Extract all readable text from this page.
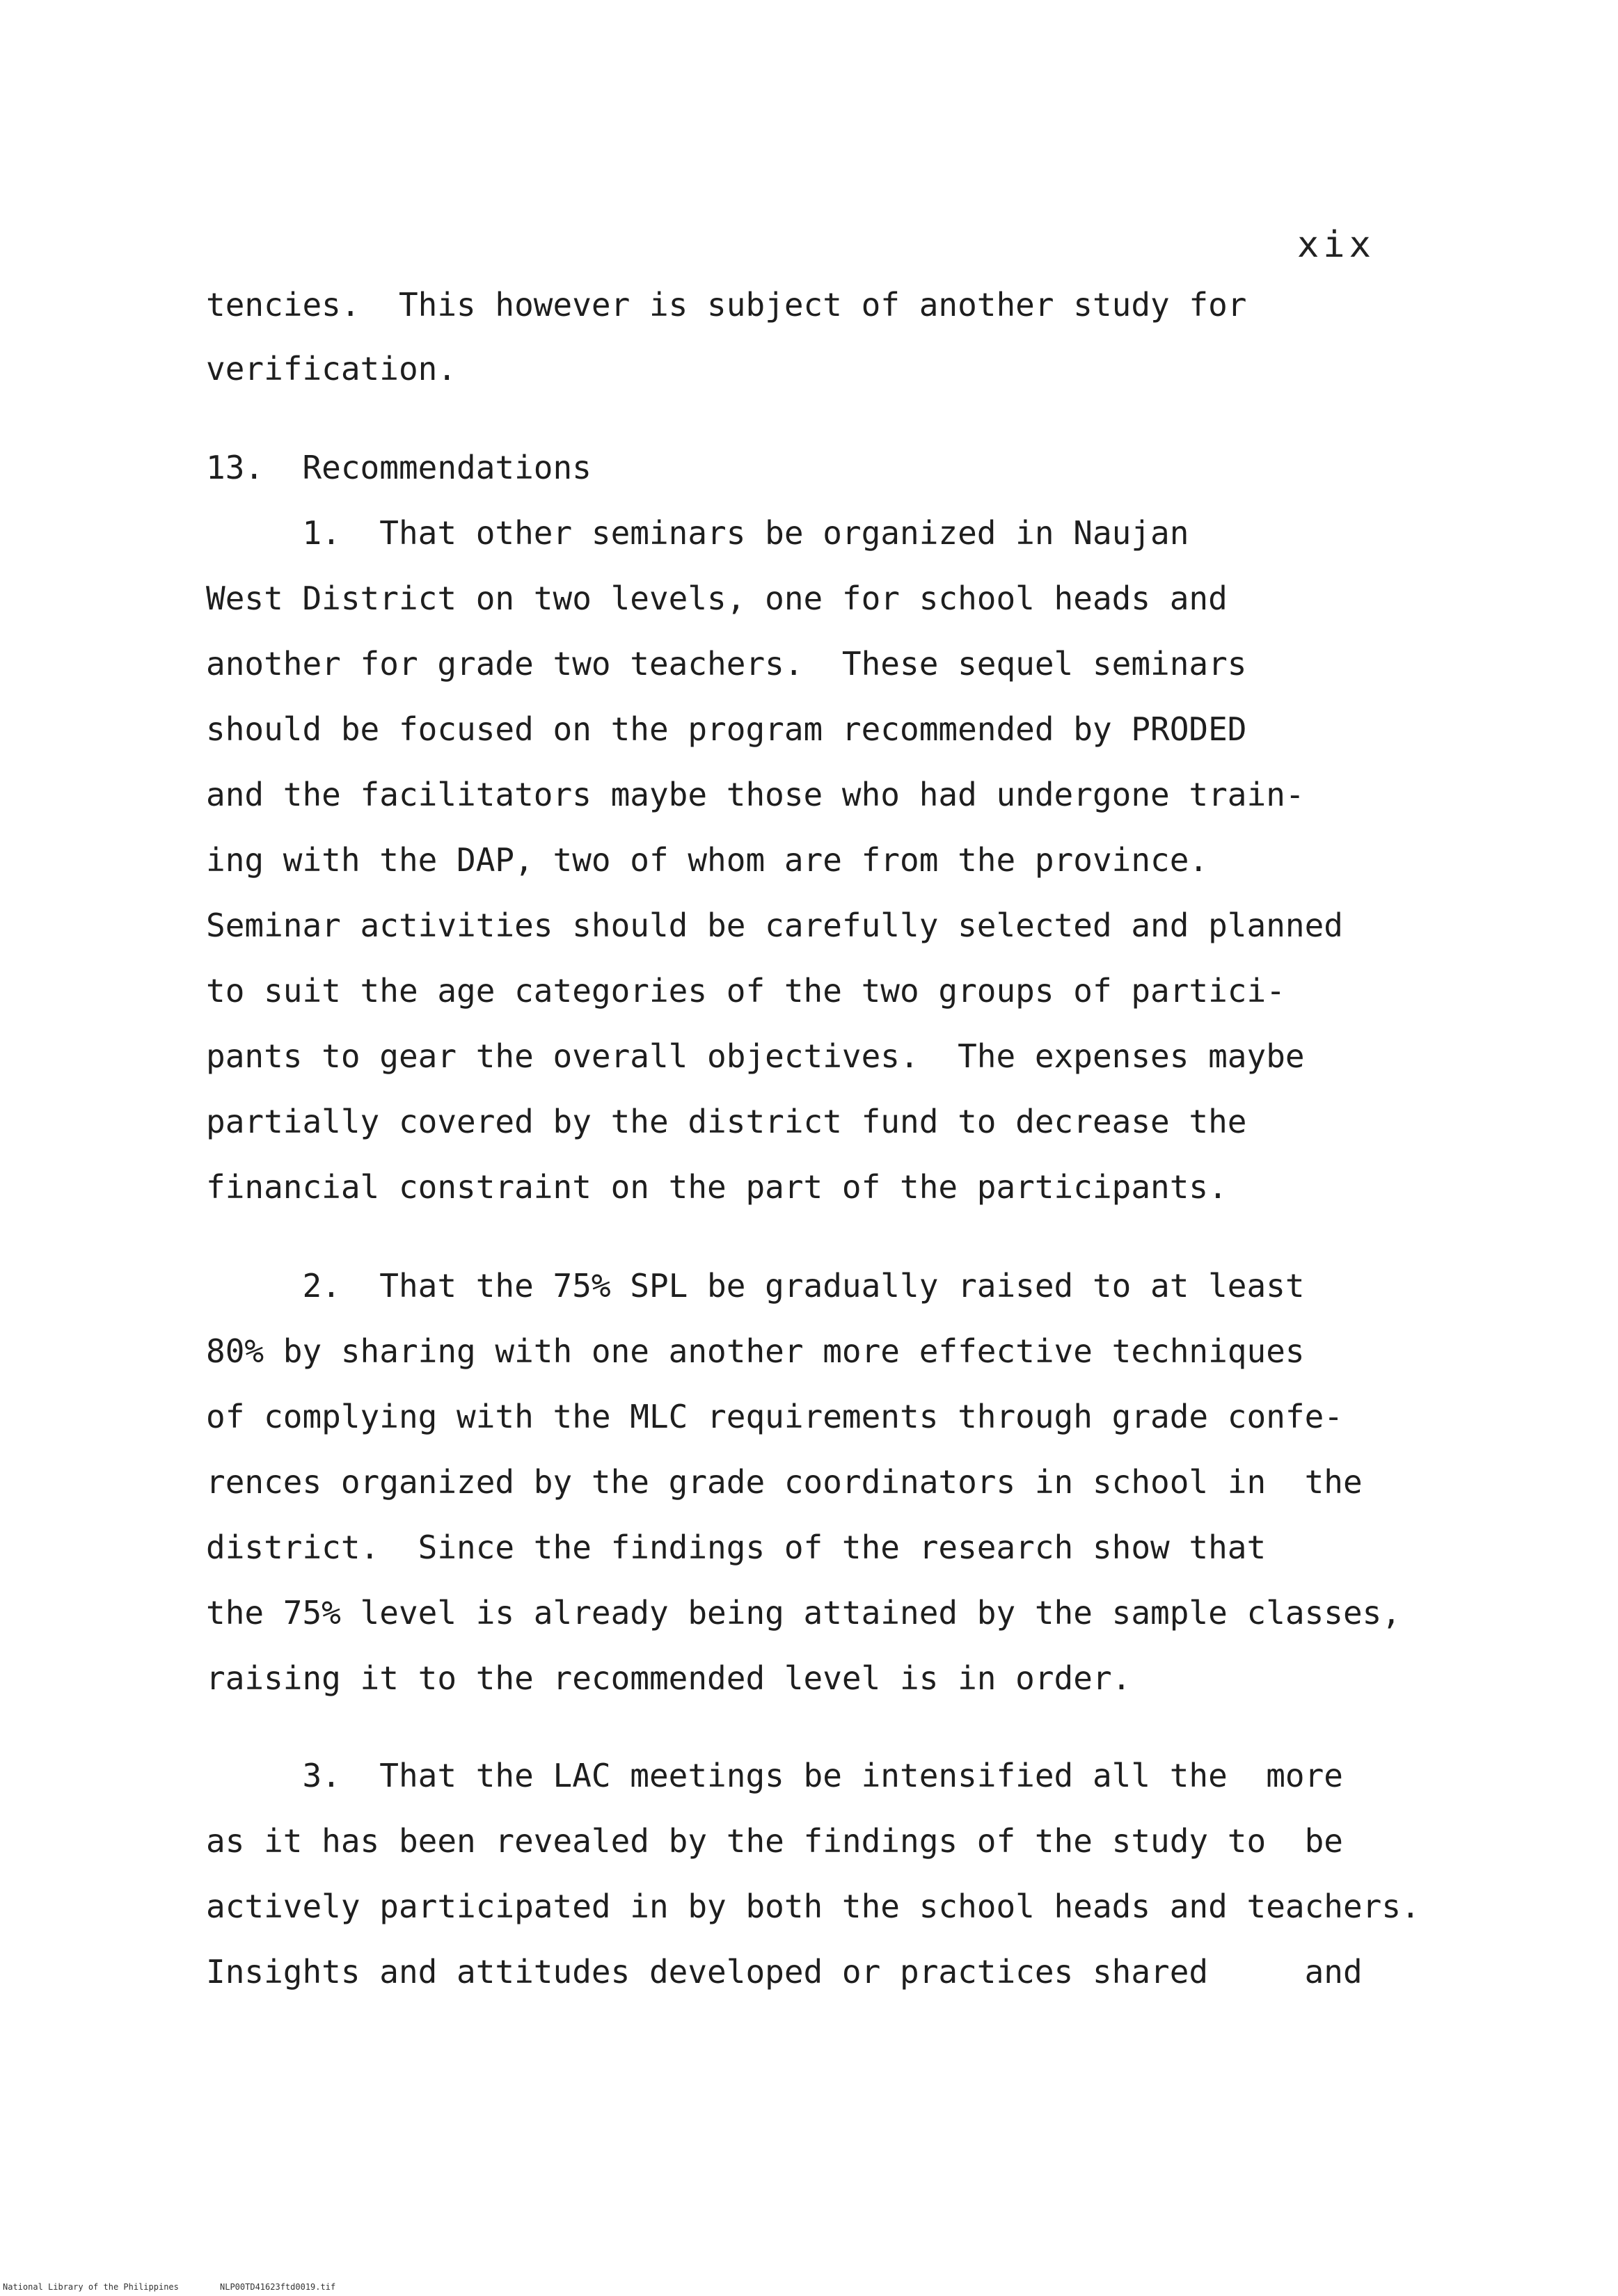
xix
tencies.  This however is subject of another study for
verification.
13.  Recommendations
1.  That other seminars be organized in Naujan
West District on two levels, one for school heads and
another for grade two teachers.  These sequel seminars
should be focused on the program recommended by PRODED
and the facilitators maybe those who had undergone train-
ing with the DAP, two of whom are from the province.
Seminar activities should be carefully selected and planned
to suit the age categories of the two groups of partici-
pants to gear the overall objectives.  The expenses maybe
partially covered by the district fund to decrease the
financial constraint on the part of the participants.
2.  That the 75% SPL be gradually raised to at least
80% by sharing with one another more effective techniques
of complying with the MLC requirements through grade confe-
rences organized by the grade coordinators in school in  the
district.  Since the findings of the research show that
the 75% level is already being attained by the sample classes,
raising it to the recommended level is in order.
3.  That the LAC meetings be intensified all the  more
as it has been revealed by the findings of the study to  be
actively participated in by both the school heads and teachers.
Insights and attitudes developed or practices shared     and
National Library of the Philippines	NLP00TD41623ftd0019.tif
